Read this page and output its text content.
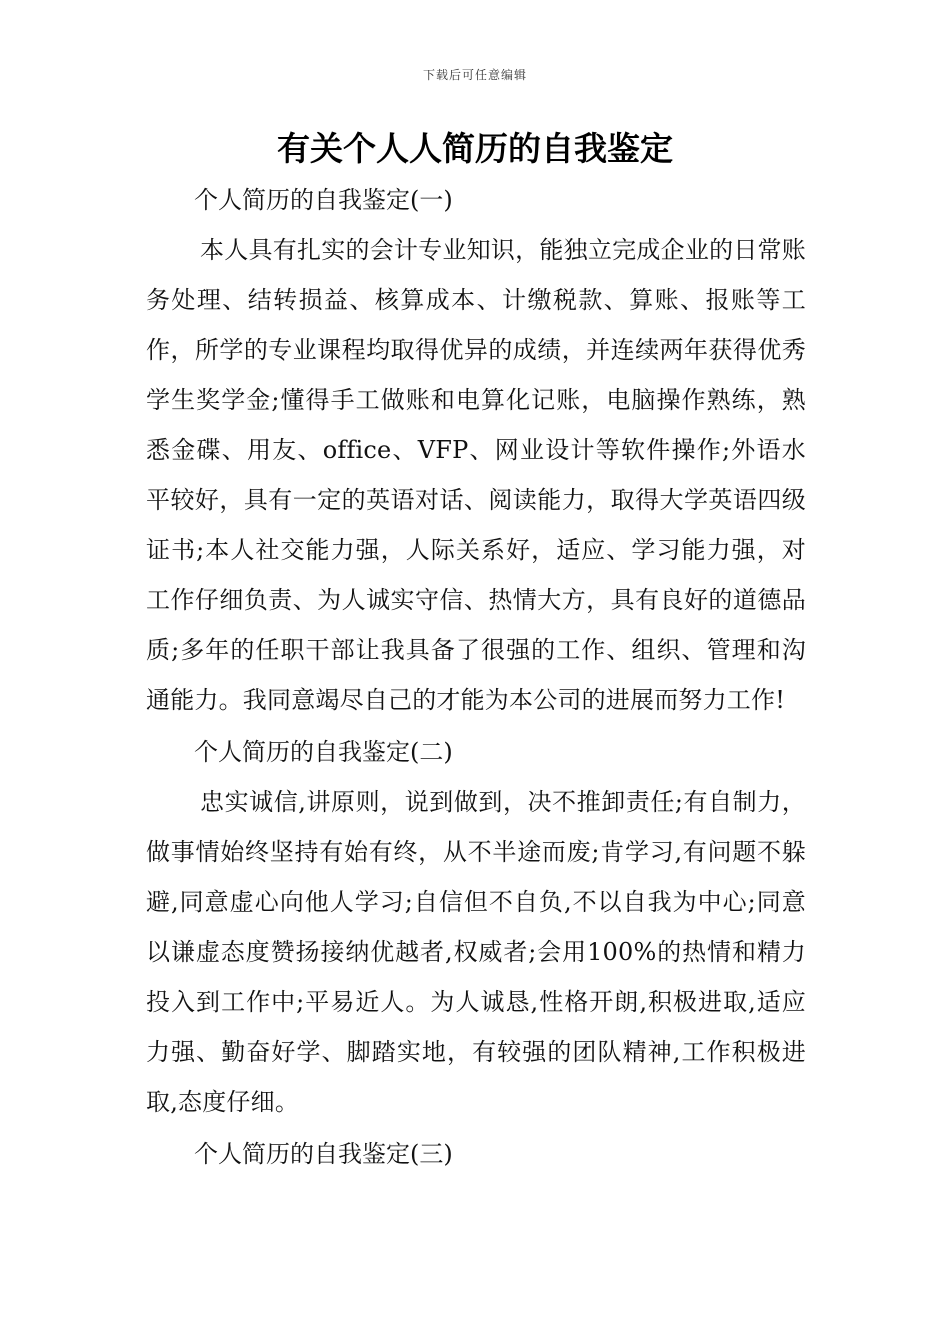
下载后可任意编辑
有关个人人简历的自我鉴定

个人简历的自我鉴定(一)

本人具有扎实的会计专业知识，能独立完成企业的日常账务处理、结转损益、核算成本、计缴税款、算账、报账等工作，所学的专业课程均取得优异的成绩，并连续两年获得优秀学生奖学金;懂得手工做账和电算化记账，电脑操作熟练，熟悉金碟、用友、office、VFP、网业设计等软件操作;外语水平较好，具有一定的英语对话、阅读能力，取得大学英语四级证书;本人社交能力强，人际关系好，适应、学习能力强，对工作仔细负责、为人诚实守信、热情大方，具有良好的道德品质;多年的任职干部让我具备了很强的工作、组织、管理和沟通能力。我同意竭尽自己的才能为本公司的进展而努力工作!

个人简历的自我鉴定(二)

忠实诚信,讲原则，说到做到，决不推卸责任;有自制力，做事情始终坚持有始有终，从不半途而废;肯学习,有问题不躲避,同意虚心向他人学习;自信但不自负,不以自我为中心;同意以谦虚态度赞扬接纳优越者,权威者;会用100%的热情和精力投入到工作中;平易近人。为人诚恳,性格开朗,积极进取,适应力强、勤奋好学、脚踏实地，有较强的团队精神,工作积极进取,态度仔细。

个人简历的自我鉴定(三)
